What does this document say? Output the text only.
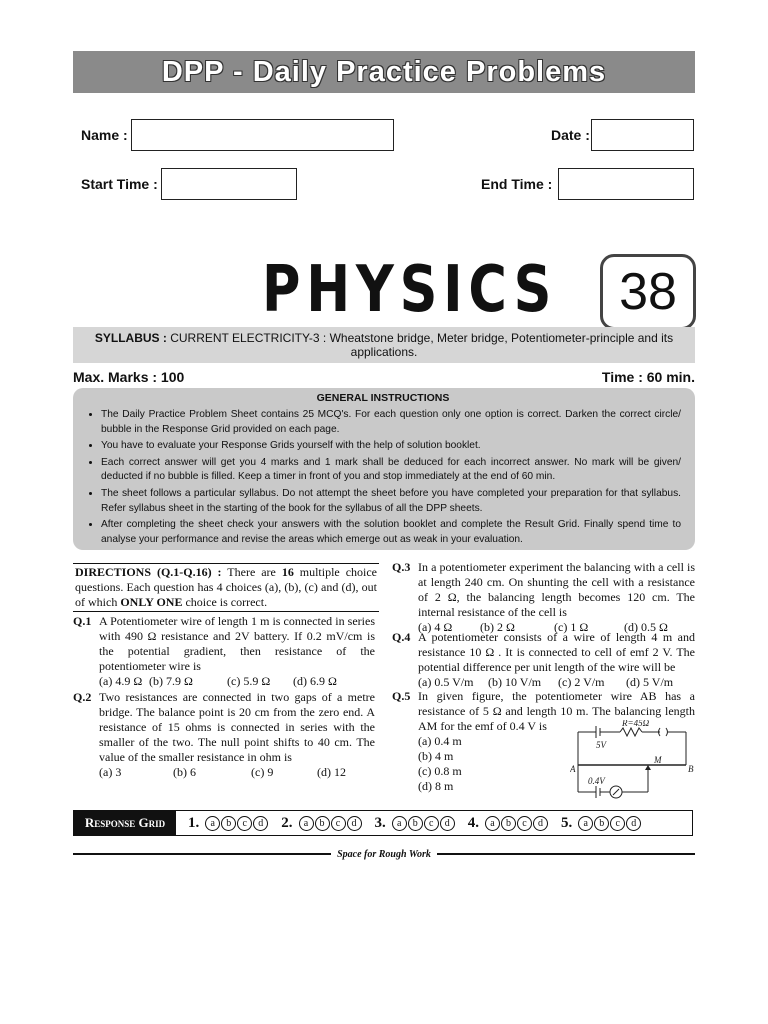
DPP - Daily Practice Problems
Name :	Date :
Start Time :	End Time :
PHYSICS	38
SYLLABUS : CURRENT ELECTRICITY-3 : Wheatstone bridge, Meter bridge, Potentiometer-principle and its applications.
Max. Marks : 100	Time : 60 min.
GENERAL INSTRUCTIONS
• The Daily Practice Problem Sheet contains 25 MCQ's. For each question only one option is correct. Darken the correct circle/ bubble in the Response Grid provided on each page.
• You have to evaluate your Response Grids yourself with the help of solution booklet.
• Each correct answer will get you 4 marks and 1 mark shall be deduced for each incorrect answer. No mark will be given/ deducted if no bubble is filled. Keep a timer in front of you and stop immediately at the end of 60 min.
• The sheet follows a particular syllabus. Do not attempt the sheet before you have completed your preparation for that syllabus. Refer syllabus sheet in the starting of the book for the syllabus of all the DPP sheets.
• After completing the sheet check your answers with the solution booklet and complete the Result Grid. Finally spend time to analyse your performance and revise the areas which emerge out as weak in your evaluation.
DIRECTIONS (Q.1-Q.16) : There are 16 multiple choice questions. Each question has 4 choices (a), (b), (c) and (d), out of which ONLY ONE choice is correct.
Q.1 A Potentiometer wire of length 1 m is connected in series with 490 Ω resistance and 2V battery. If 0.2 mV/cm is the potential gradient, then resistance of the potentiometer wire is
(a) 4.9 Ω (b) 7.9 Ω	(c) 5.9 Ω	(d) 6.9 Ω
Q.2 Two resistances are connected in two gaps of a metre bridge. The balance point is 20 cm from the zero end. A resistance of 15 ohms is connected in series with the smaller of the two. The null point shifts to 40 cm. The value of the smaller resistance in ohm is
(a) 3	(b) 6	(c) 9	(d) 12
Q.3 In a potentiometer experiment the balancing with a cell is at length 240 cm. On shunting the cell with a resistance of 2 Ω, the balancing length becomes 120 cm. The internal resistance of the cell is
(a) 4 Ω	(b) 2 Ω	(c) 1 Ω	(d) 0.5 Ω
Q.4 A potentiometer consists of a wire of length 4 m and resistance 10 Ω . It is connected to cell of emf 2 V. The potential difference per unit length of the wire will be
(a) 0.5 V/m	(b) 10 V/m	(c) 2 V/m	(d) 5 V/m
Q.5 In given figure, the potentiometer wire AB has a resistance of 5 Ω and length 10 m. The balancing length AM for the emf of 0.4 V is
(a) 0.4 m
(b) 4 m
(c) 0.8 m
(d) 8 m
R=45Ω
5V
A	B
M
0.4V
Response Grid	1.	a	b	c	d	2.	a	b	c	d	3.	a	b	c	d	4.	a	b	c	d	5.	a	b	c	d
Space for Rough Work
